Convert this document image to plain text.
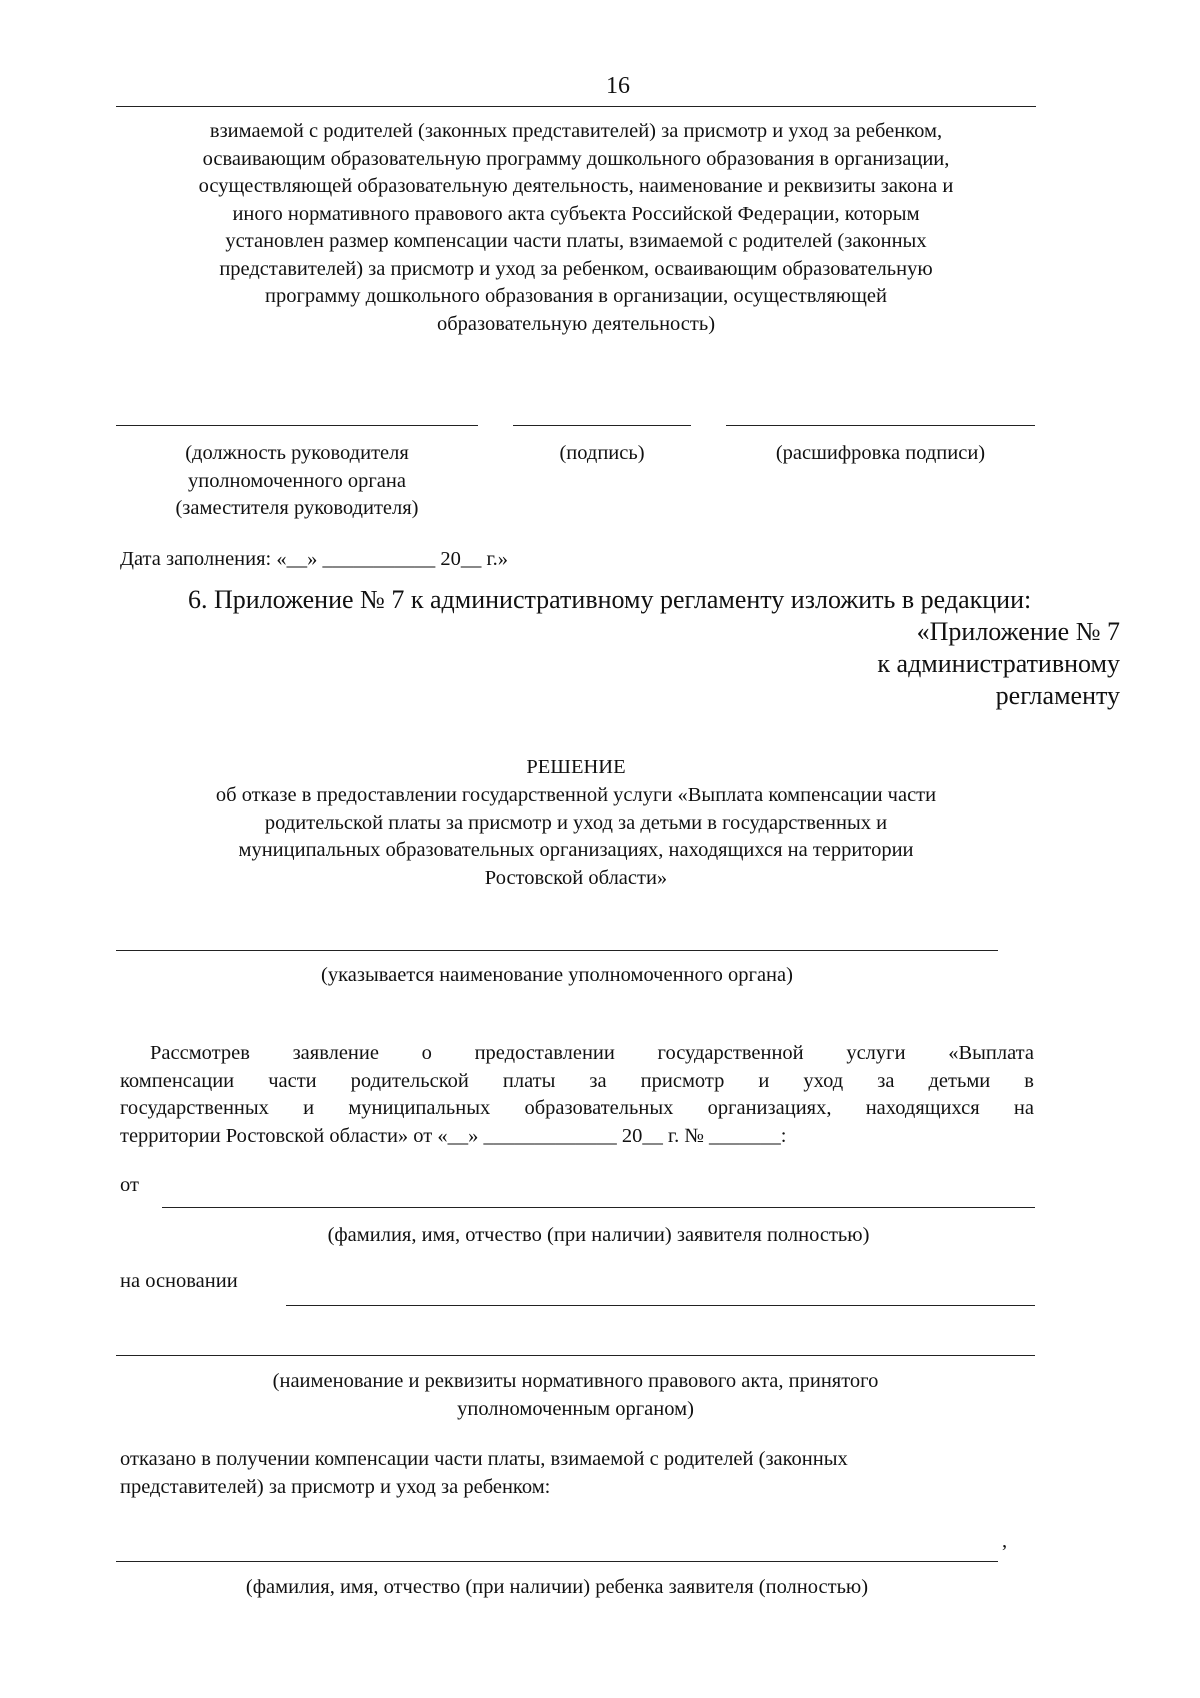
16
взимаемой с родителей (законных представителей) за присмотр и уход за ребенком,
осваивающим образовательную программу дошкольного образования в организации,
осуществляющей образовательную деятельность, наименование и реквизиты закона и
иного нормативного правового акта субъекта Российской Федерации, которым
установлен размер компенсации части платы, взимаемой с родителей (законных
представителей) за присмотр и уход за ребенком, осваивающим образовательную
программу дошкольного образования в организации, осуществляющей
образовательную деятельность)
(должность руководителя
уполномоченного органа
(заместителя руководителя)
(подпись)	(расшифровка подписи)
Дата заполнения: «__» ___________ 20__ г.»
6. Приложение № 7 к административному регламенту изложить в редакции:
«Приложение № 7
к административному
регламенту
РЕШЕНИЕ
об отказе в предоставлении государственной услуги «Выплата компенсации части
родительской платы за присмотр и уход за детьми в государственных и
муниципальных образовательных организациях, находящихся на территории
Ростовской области»
(указывается наименование уполномоченного органа)
Рассмотрев заявление о предоставлении государственной услуги «Выплата
компенсации части родительской платы за присмотр и уход за детьми в
государственных и муниципальных образовательных организациях, находящихся на
территории Ростовской области» от «__» _____________ 20__ г. № _______:
от
(фамилия, имя, отчество (при наличии) заявителя полностью)
на основании
(наименование и реквизиты нормативного правового акта, принятого
уполномоченным органом)
отказано в получении компенсации части платы, взимаемой с родителей (законных
представителей) за присмотр и уход за ребенком:
,
(фамилия, имя, отчество (при наличии) ребенка заявителя (полностью)
